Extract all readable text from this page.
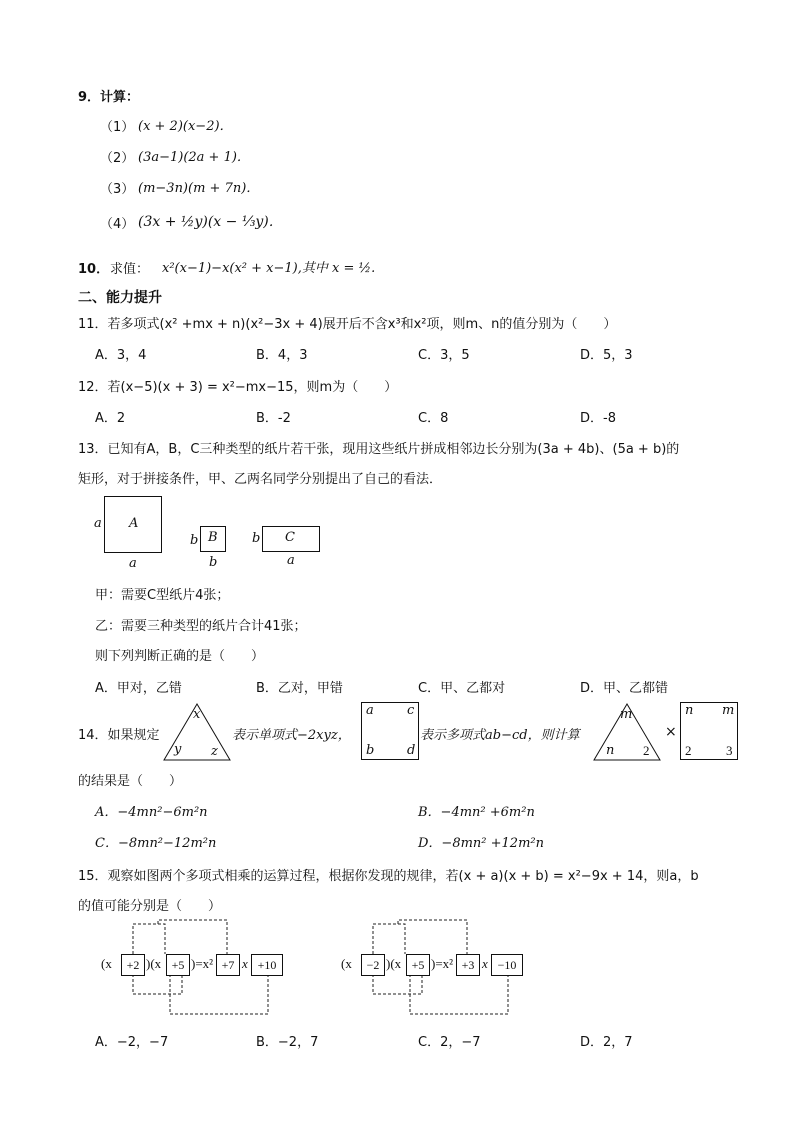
9．计算：
（1） (x + 2)(x−2)．
（2） (3a−1)(2a + 1)．
（3） (m−3n)(m + 7n)．
（4） (3x + ½y)(x − ⅓y)．
10． 求值： x²(x−1)−x(x² + x−1),其中 x = ½.
二、能力提升
11．若多项式(x² +mx + n)(x²−3x + 4)展开后不含x³和x²项，则m、n的值分别为（　　）
A．3，4	B．4，3	C．3，5	D．5，3
12．若(x−5)(x + 3) = x²−mx−15，则m为（　　）
A．2	B．-2	C．8	D．-8
13．已知有A，B，C三种类型的纸片若干张，现用这些纸片拼成相邻边长分别为(3a + 4b)、(5a + b)的
矩形，对于拼接条件，甲、乙两名同学分别提出了自己的看法．
A
a
a
B
b
b
C
b
a
甲：需要C型纸片4张；
乙：需要三种类型的纸片合计41张；
则下列判断正确的是（　　）
A．甲对，乙错	B．乙对，甲错	C．甲、乙都对	D．甲、乙都错
14．如果规定
x
y z
表示单项式−2xyz，
a	c
b	d
表示多项式ab−cd，则计算
m
n 2
×
n m
2	3
的结果是（　　）
A．−4mn²−6m²n	B．−4mn² +6m²n
C．−8mn²−12m²n	D．−8mn² +12m²n
15．观察如图两个多项式相乘的运算过程，根据你发现的规律，若(x + a)(x + b) = x²−9x + 14，则a，b
的值可能分别是（　　）
(x	+2 )(x +5 )=x² +7 x +10	(x	−2 )(x +5 )=x² +3 x −10
A．−2，−7	B．−2，7	C．2，−7	D．2，7
